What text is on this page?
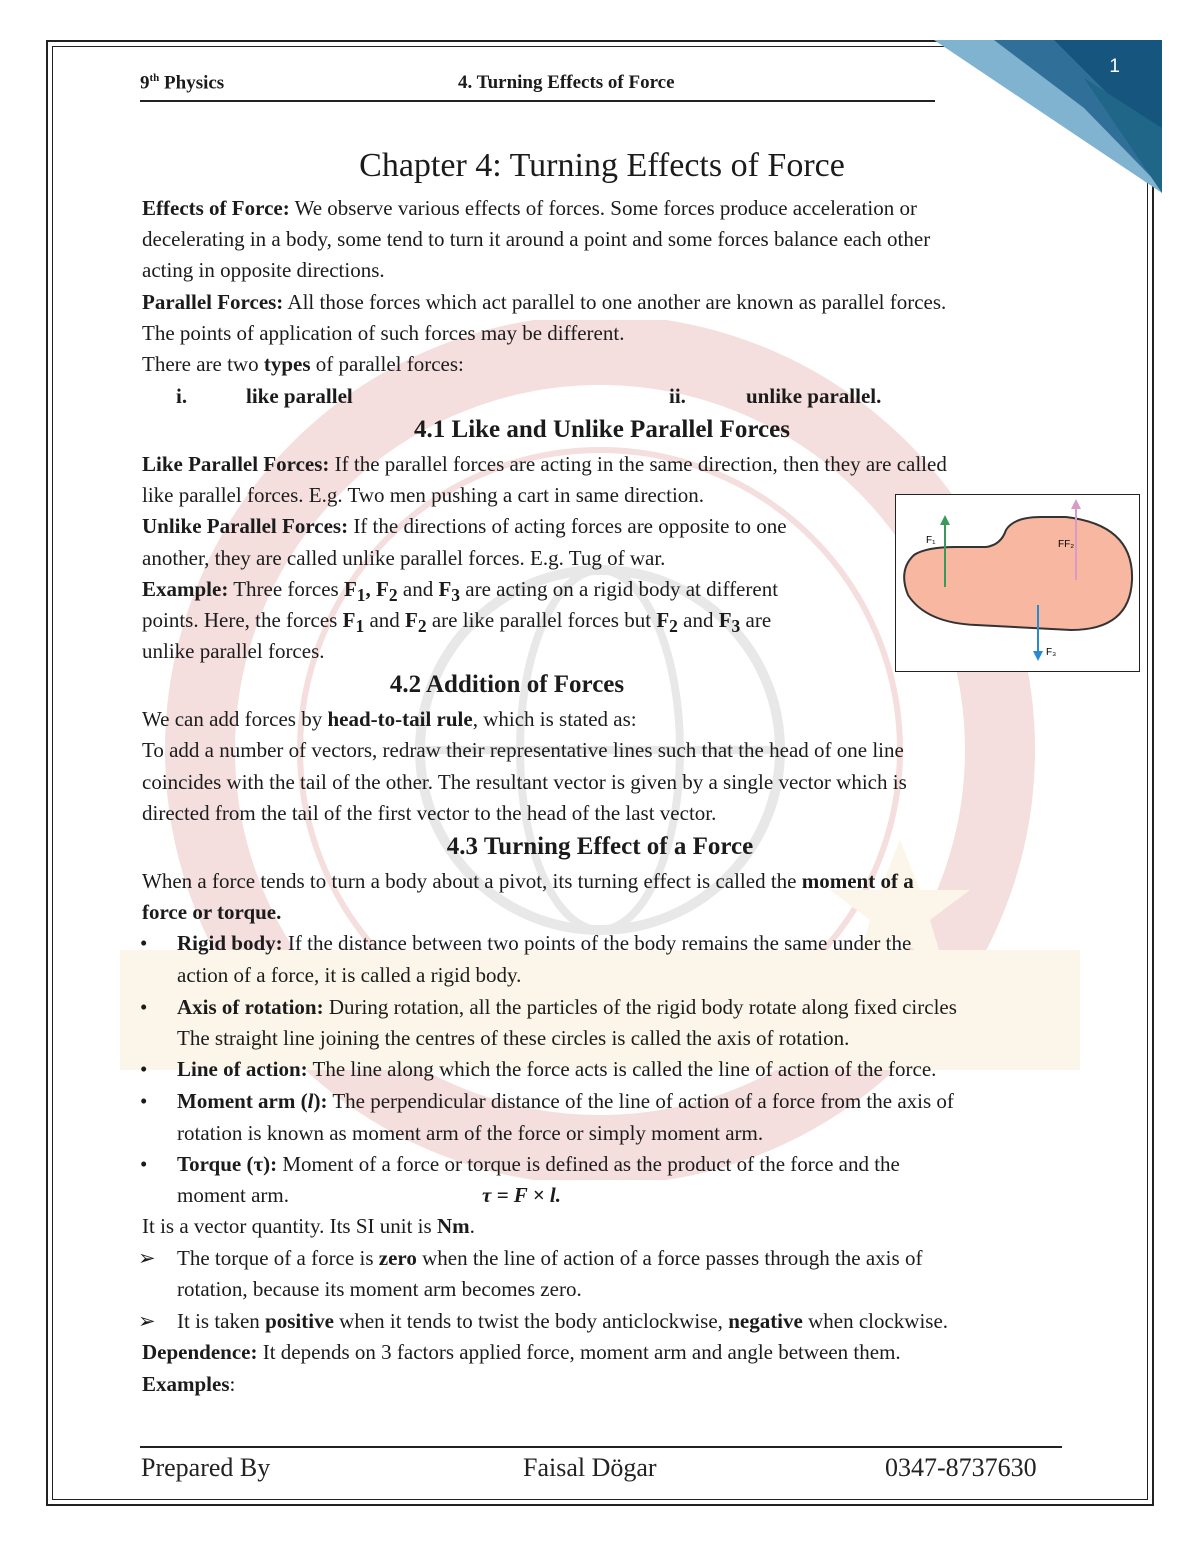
1
9th Physics	4. Turning Effects of Force
Chapter 4: Turning Effects of Force
Effects of Force: We observe various effects of forces. Some forces produce acceleration or
decelerating in a body, some tend to turn it around a point and some forces balance each other
acting in opposite directions.
Parallel Forces: All those forces which act parallel to one another are known as parallel forces.
The points of application of such forces may be different.
There are two types of parallel forces:
i.	like parallel	ii.	unlike parallel.
4.1 Like and Unlike Parallel Forces
Like Parallel Forces: If the parallel forces are acting in the same direction, then they are called
like parallel forces. E.g. Two men pushing a cart in same direction.
Unlike Parallel Forces: If the directions of acting forces are opposite to one
another, they are called unlike parallel forces. E.g. Tug of war.
Example: Three forces $F_1$, $F_2$ and $F_3$ are acting on a rigid body at different
points. Here, the forces $F_1$ and $F_2$ are like parallel forces but $F_2$ and $F_3$ are
unlike parallel forces.
4.2 Addition of Forces
We can add forces by head-to-tail rule, which is stated as:
To add a number of vectors, redraw their representative lines such that the head of one line
coincides with the tail of the other. The resultant vector is given by a single vector which is
directed from the tail of the first vector to the head of the last vector.
4.3 Turning Effect of a Force
When a force tends to turn a body about a pivot, its turning effect is called the moment of a
force or torque.
• Rigid body: If the distance between two points of the body remains the same under the
action of a force, it is called a rigid body.
• Axis of rotation: During rotation, all the particles of the rigid body rotate along fixed circles
The straight line joining the centres of these circles is called the axis of rotation.
• Line of action: The line along which the force acts is called the line of action of the force.
• Moment arm (l): The perpendicular distance of the line of action of a force from the axis of
rotation is known as moment arm of the force or simply moment arm.
• Torque (τ): Moment of a force or torque is defined as the product of the force and the
moment arm.	τ = F × l.
It is a vector quantity. Its SI unit is Nm.
➢ The torque of a force is zero when the line of action of a force passes through the axis of
rotation, because its moment arm becomes zero.
➢ It is taken positive when it tends to twist the body anticlockwise, negative when clockwise.
Dependence: It depends on 3 factors applied force, moment arm and angle between them.
Examples:
F₁	FF₂
F₃
Prepared By	Faisal Dögar	0347-8737630
